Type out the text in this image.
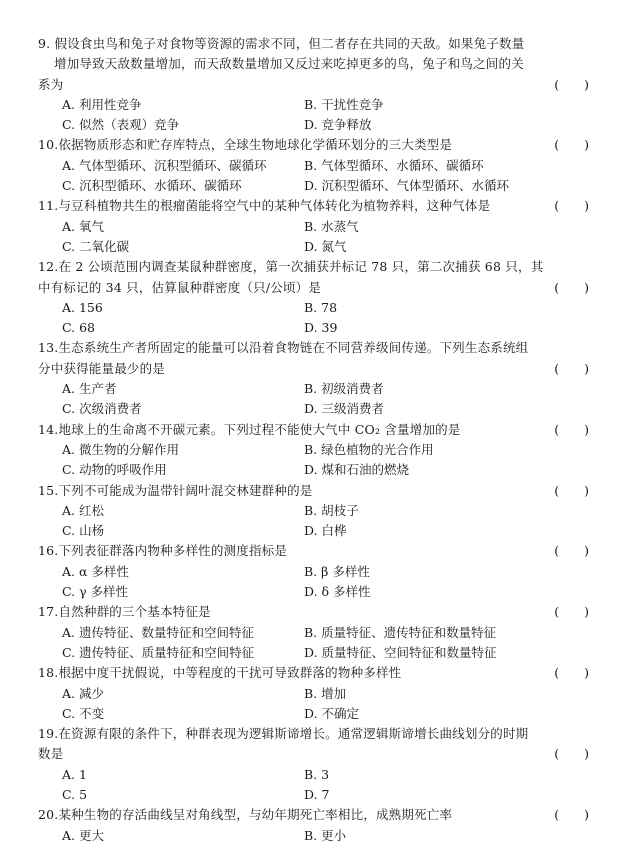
9. 假设食虫鸟和兔子对食物等资源的需求不同，但二者存在共同的天敌。如果兔子数量
增加导致天敌数量增加，而天敌数量增加又反过来吃掉更多的鸟，兔子和鸟之间的关
系为	(　　)
A. 利用性竞争	B. 干扰性竞争
C. 似然（表观）竞争	D. 竞争释放
10.依据物质形态和贮存库特点，全球生物地球化学循环划分的三大类型是	(　　)
A. 气体型循环、沉积型循环、碳循环	B. 气体型循环、水循环、碳循环
C. 沉积型循环、水循环、碳循环	D. 沉积型循环、气体型循环、水循环
11.与豆科植物共生的根瘤菌能将空气中的某种气体转化为植物养料，这种气体是	(　　)
A. 氧气	B. 水蒸气
C. 二氧化碳	D. 氮气
12.在 2 公顷范围内调查某鼠种群密度，第一次捕获并标记 78 只，第二次捕获 68 只，其
中有标记的 34 只，估算鼠种群密度（只/公顷）是	(　　)
A. 156	B. 78
C. 68	D. 39
13.生态系统生产者所固定的能量可以沿着食物链在不同营养级间传递。下列生态系统组
分中获得能量最少的是	(　　)
A. 生产者	B. 初级消费者
C. 次级消费者	D. 三级消费者
14.地球上的生命离不开碳元素。下列过程不能使大气中 CO₂ 含量增加的是	(　　)
A. 微生物的分解作用	B. 绿色植物的光合作用
C. 动物的呼吸作用	D. 煤和石油的燃烧
15.下列不可能成为温带针阔叶混交林建群种的是	(　　)
A. 红松	B. 胡枝子
C. 山杨	D. 白桦
16.下列表征群落内物种多样性的测度指标是	(　　)
A. α 多样性	B. β 多样性
C. γ 多样性	D. δ 多样性
17.自然种群的三个基本特征是	(　　)
A. 遗传特征、数量特征和空间特征	B. 质量特征、遗传特征和数量特征
C. 遗传特征、质量特征和空间特征	D. 质量特征、空间特征和数量特征
18.根据中度干扰假说，中等程度的干扰可导致群落的物种多样性	(　　)
A. 减少	B. 增加
C. 不变	D. 不确定
19.在资源有限的条件下，种群表现为逻辑斯谛增长。通常逻辑斯谛增长曲线划分的时期
数是	(　　)
A. 1	B. 3
C. 5	D. 7
20.某种生物的存活曲线呈对角线型，与幼年期死亡率相比，成熟期死亡率	(　　)
A. 更大	B. 更小
